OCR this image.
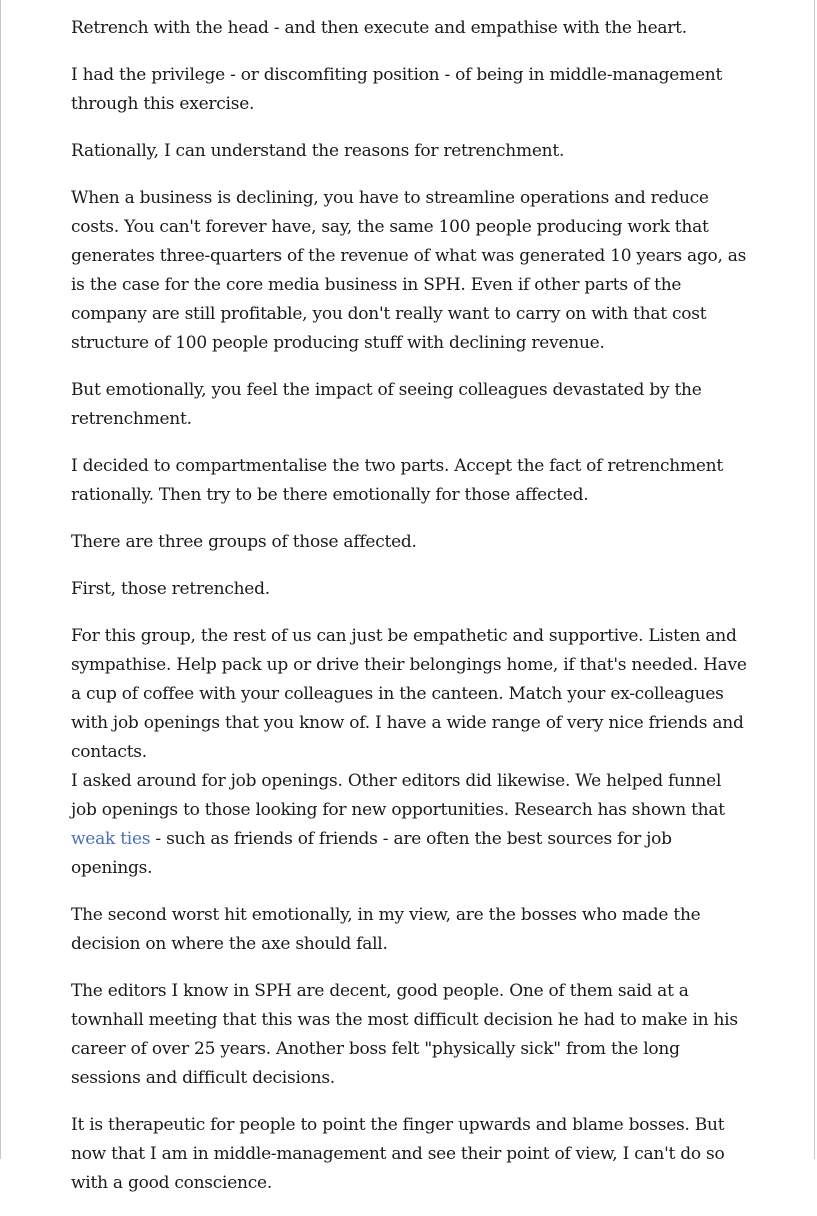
Retrench with the head - and then execute and empathise with the heart.

I had the privilege - or discomfiting position - of being in middle-management through this exercise.

Rationally, I can understand the reasons for retrenchment.

When a business is declining, you have to streamline operations and reduce costs. You can't forever have, say, the same 100 people producing work that generates three-quarters of the revenue of what was generated 10 years ago, as is the case for the core media business in SPH. Even if other parts of the company are still profitable, you don't really want to carry on with that cost structure of 100 people producing stuff with declining revenue.

But emotionally, you feel the impact of seeing colleagues devastated by the retrenchment.

I decided to compartmentalise the two parts. Accept the fact of retrenchment rationally. Then try to be there emotionally for those affected.

There are three groups of those affected.

First, those retrenched.

For this group, the rest of us can just be empathetic and supportive. Listen and sympathise. Help pack up or drive their belongings home, if that's needed. Have a cup of coffee with your colleagues in the canteen. Match your ex-colleagues with job openings that you know of. I have a wide range of very nice friends and contacts.
I asked around for job openings. Other editors did likewise. We helped funnel job openings to those looking for new opportunities. Research has shown that weak ties - such as friends of friends - are often the best sources for job openings.

The second worst hit emotionally, in my view, are the bosses who made the decision on where the axe should fall.

The editors I know in SPH are decent, good people. One of them said at a townhall meeting that this was the most difficult decision he had to make in his career of over 25 years. Another boss felt "physically sick" from the long sessions and difficult decisions.

It is therapeutic for people to point the finger upwards and blame bosses. But now that I am in middle-management and see their point of view, I can't do so with a good conscience.
